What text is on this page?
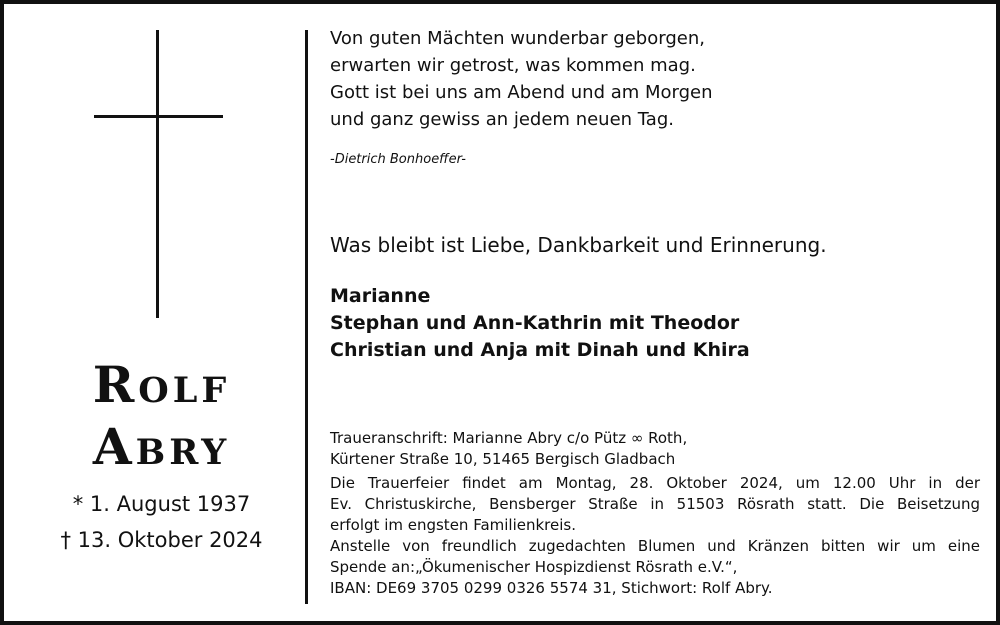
Rolf
Abry
* 1. August 1937
† 13. Oktober 2024
Von guten Mächten wunderbar geborgen,
erwarten wir getrost, was kommen mag.
Gott ist bei uns am Abend und am Morgen
und ganz gewiss an jedem neuen Tag.
-Dietrich Bonhoeffer-
Was bleibt ist Liebe, Dankbarkeit und Erinnerung.
Marianne
Stephan und Ann-Kathrin mit Theodor
Christian und Anja mit Dinah und Khira
Traueranschrift: Marianne Abry c/o Pütz ∞ Roth,
Kürtener Straße 10, 51465 Bergisch Gladbach
Die Trauerfeier findet am Montag, 28. Oktober 2024, um 12.00 Uhr in der
Ev. Christuskirche, Bensberger Straße in 51503 Rösrath statt. Die Beisetzung
erfolgt im engsten Familienkreis.
Anstelle von freundlich zugedachten Blumen und Kränzen bitten wir um eine
Spende an:„Ökumenischer Hospizdienst Rösrath e.V.“,
IBAN: DE69 3705 0299 0326 5574 31, Stichwort: Rolf Abry.
